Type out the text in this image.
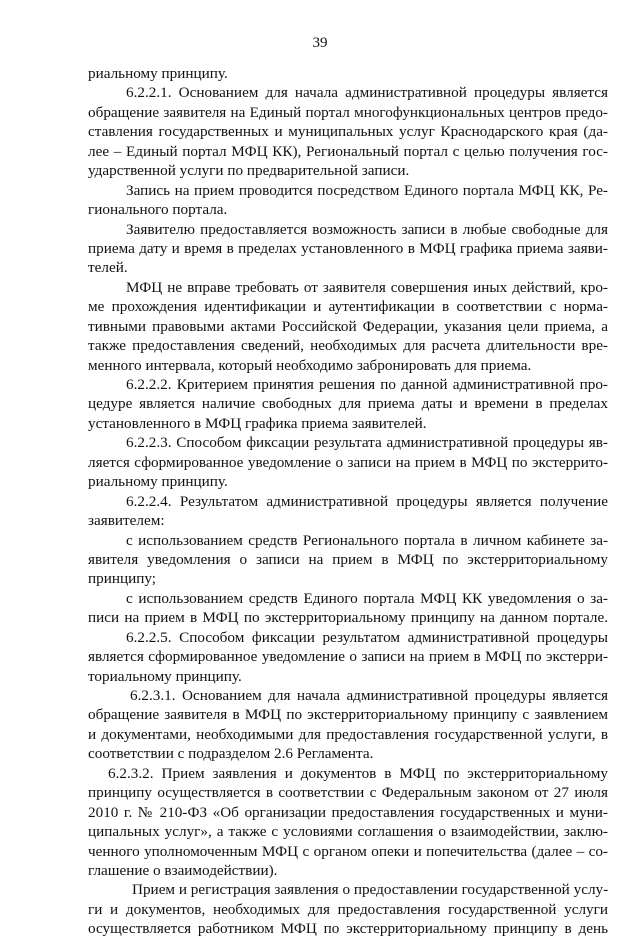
39
риальному принципу.
6.2.2.1. Основанием для начала административной процедуры является
обращение заявителя на Единый портал многофункциональных центров предо-
ставления государственных и муниципальных услуг Краснодарского края (да-
лее – Единый портал МФЦ КК), Региональный портал с целью получения гос-
ударственной услуги по предварительной записи.
Запись на прием проводится посредством Единого портала МФЦ КК, Ре-
гионального портала.
Заявителю предоставляется возможность записи в любые свободные для
приема дату и время в пределах установленного в МФЦ графика приема заяви-
телей.
МФЦ не вправе требовать от заявителя совершения иных действий, кро-
ме прохождения идентификации и аутентификации в соответствии с норма-
тивными правовыми актами Российской Федерации, указания цели приема, а
также предоставления сведений, необходимых для расчета длительности вре-
менного интервала, который необходимо забронировать для приема.
6.2.2.2. Критерием принятия решения по данной административной про-
цедуре является наличие свободных для приема даты и времени в пределах
установленного в МФЦ графика приема заявителей.
6.2.2.3. Способом фиксации результата административной процедуры яв-
ляется сформированное уведомление о записи на прием в МФЦ по экстеррито-
риальному принципу.
6.2.2.4. Результатом административной процедуры является получение
заявителем:
с использованием средств Регионального портала в личном кабинете за-
явителя уведомления о записи на прием в МФЦ по экстерриториальному
принципу;
с использованием средств Единого портала МФЦ КК уведомления о за-
писи на прием в МФЦ по экстерриториальному принципу на данном портале.
6.2.2.5. Способом фиксации результатом административной процедуры
является сформированное уведомление о записи на прием в МФЦ по экстерри-
ториальному принципу.
6.2.3.1. Основанием для начала административной процедуры является
обращение заявителя в МФЦ по экстерриториальному принципу с заявлением
и документами, необходимыми для предоставления государственной услуги, в
соответствии с подразделом 2.6 Регламента.
6.2.3.2. Прием заявления и документов в МФЦ по экстерриториальному
принципу осуществляется в соответствии с Федеральным законом от 27 июля
2010 г. № 210-ФЗ «Об организации предоставления государственных и муни-
ципальных услуг», а также с условиями соглашения о взаимодействии, заклю-
ченного уполномоченным МФЦ с органом опеки и попечительства (далее – со-
глашение о взаимодействии).
Прием и регистрация заявления о предоставлении государственной услу-
ги и документов, необходимых для предоставления государственной услуги
осуществляется работником МФЦ по экстерриториальному принципу в день
